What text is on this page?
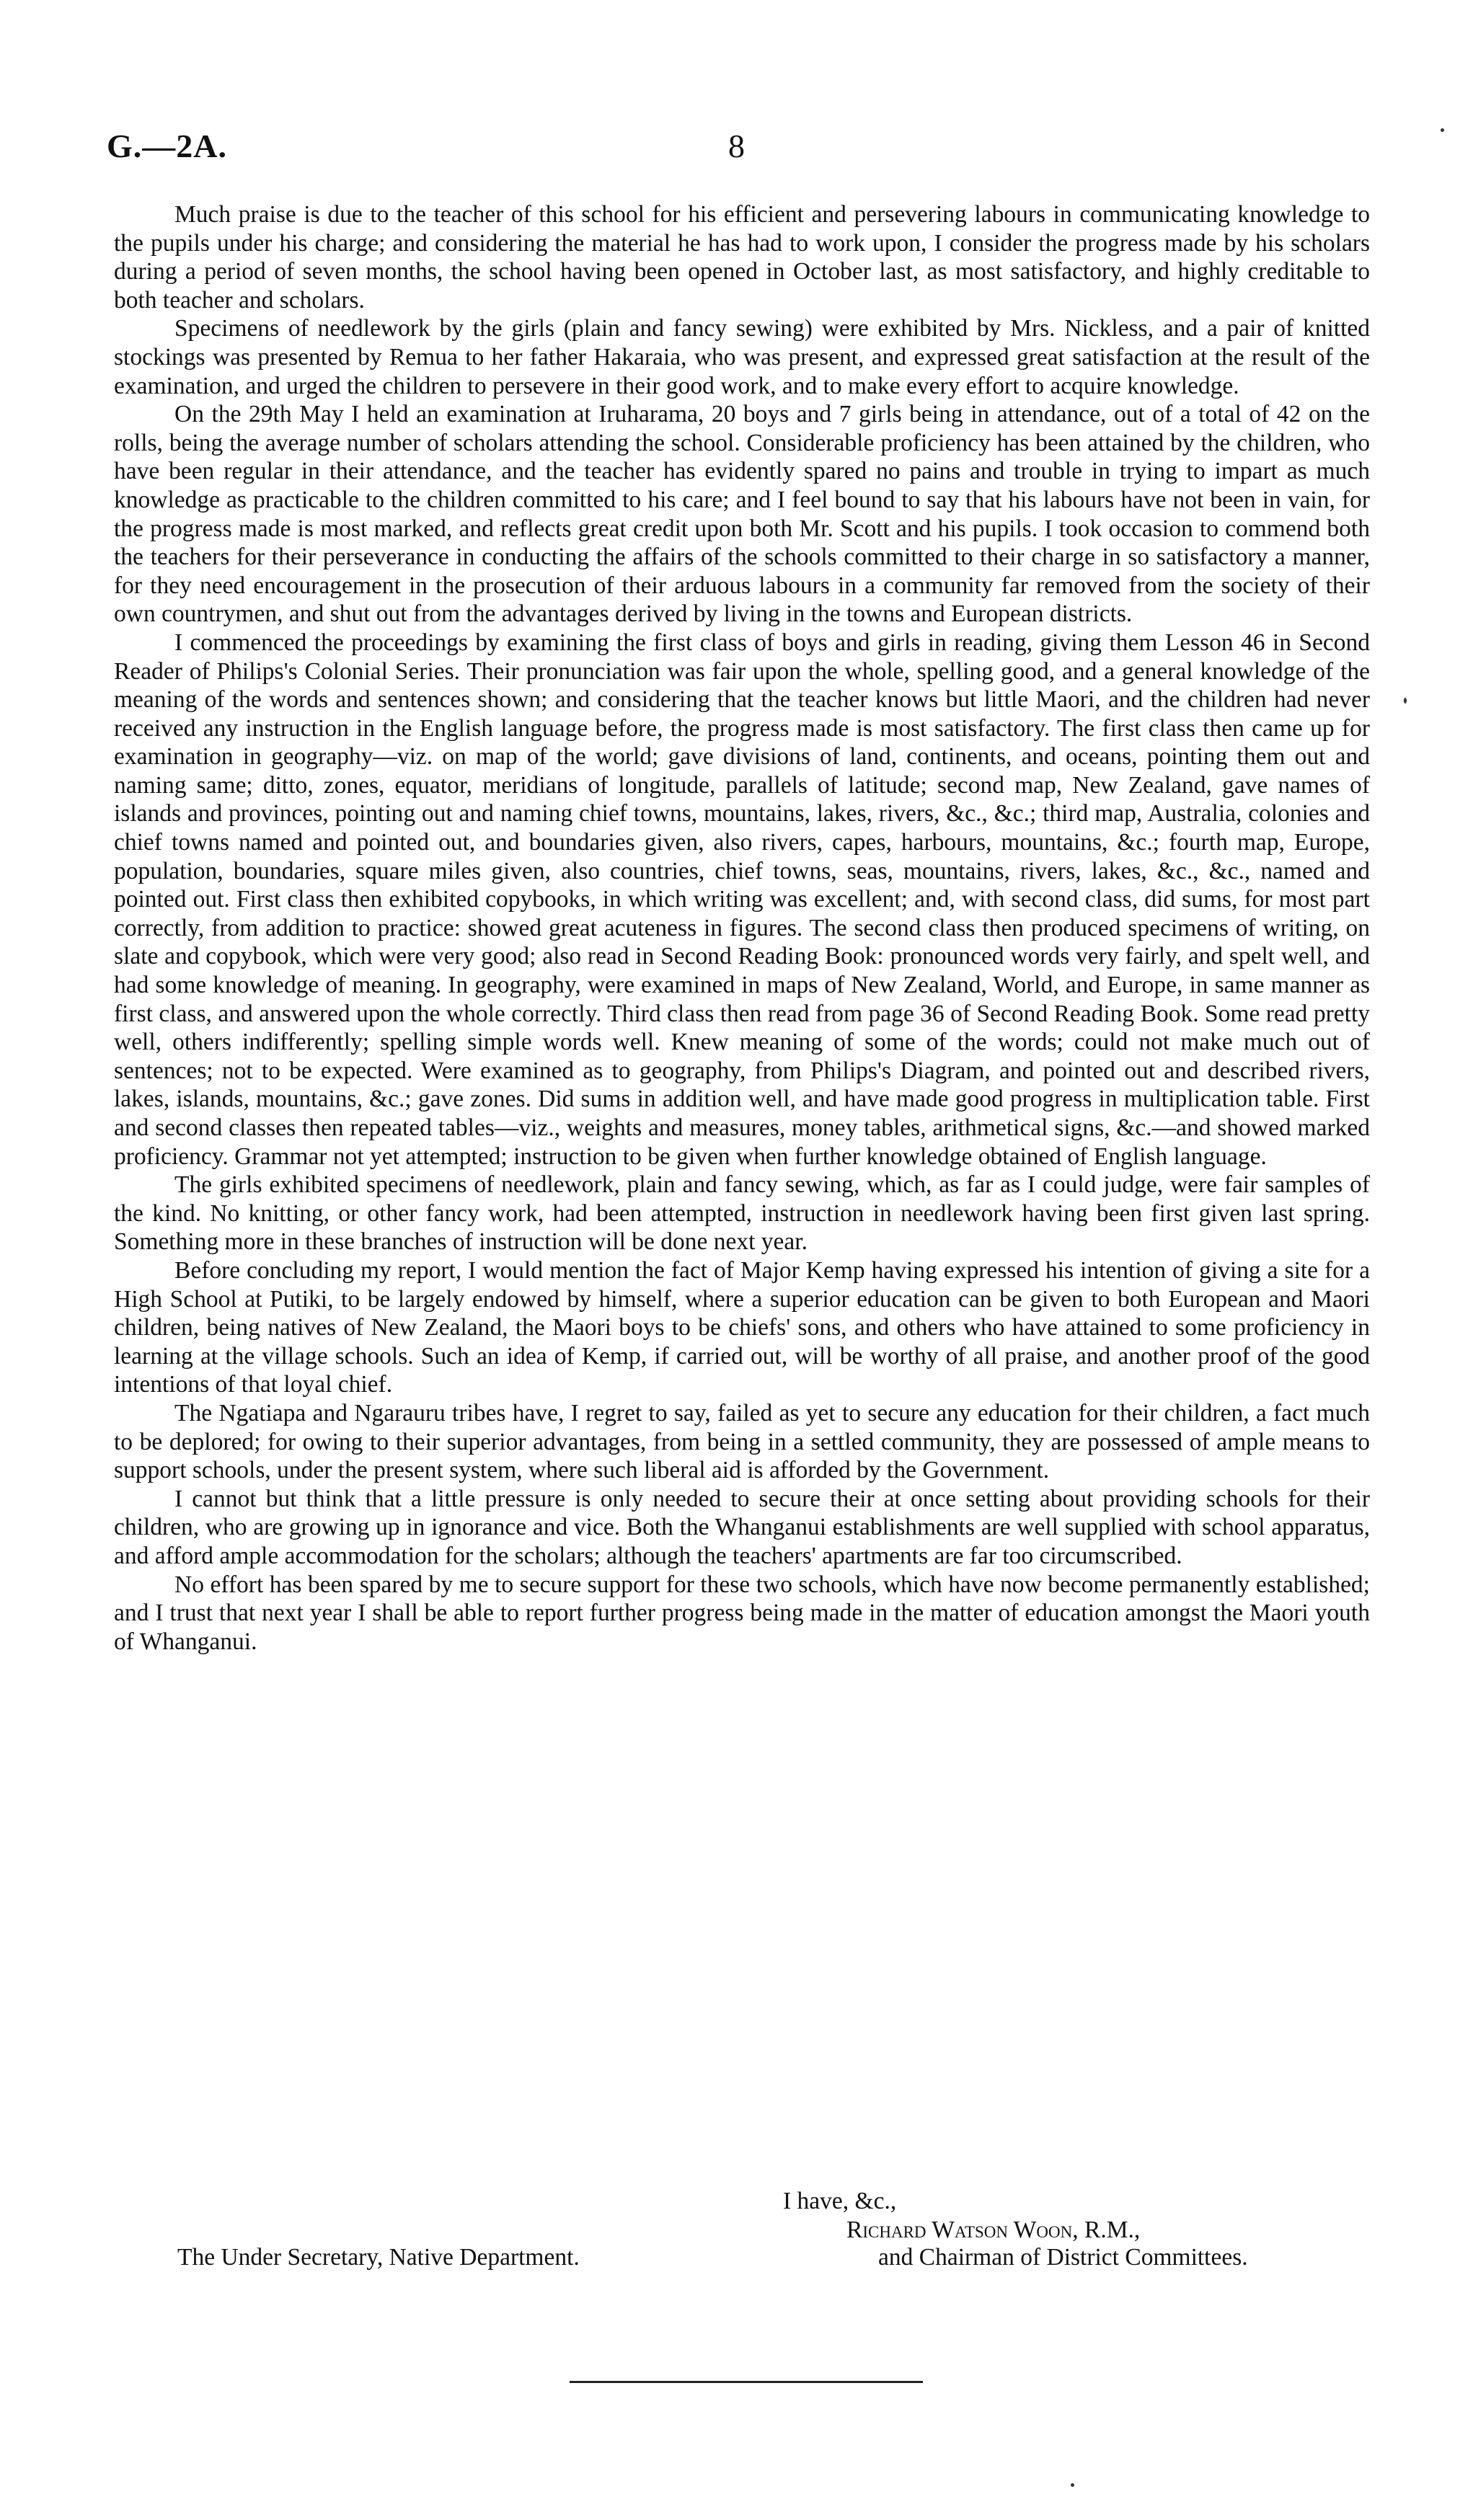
G.—2A.	8

Much praise is due to the teacher of this school for his efficient and persevering labours in communicating knowledge to the pupils under his charge; and considering the material he has had to work upon, I consider the progress made by his scholars during a period of seven months, the school having been opened in October last, as most satisfactory, and highly creditable to both teacher and scholars.

Specimens of needlework by the girls (plain and fancy sewing) were exhibited by Mrs. Nickless, and a pair of knitted stockings was presented by Remua to her father Hakaraia, who was present, and expressed great satisfaction at the result of the examination, and urged the children to persevere in their good work, and to make every effort to acquire knowledge.

On the 29th May I held an examination at Iruharama, 20 boys and 7 girls being in attendance, out of a total of 42 on the rolls, being the average number of scholars attending the school. Considerable proficiency has been attained by the children, who have been regular in their attendance, and the teacher has evidently spared no pains and trouble in trying to impart as much knowledge as practicable to the children committed to his care; and I feel bound to say that his labours have not been in vain, for the progress made is most marked, and reflects great credit upon both Mr. Scott and his pupils. I took occasion to commend both the teachers for their perseverance in conducting the affairs of the schools committed to their charge in so satisfactory a manner, for they need encouragement in the prosecution of their arduous labours in a community far removed from the society of their own countrymen, and shut out from the advantages derived by living in the towns and European districts.

I commenced the proceedings by examining the first class of boys and girls in reading, giving them Lesson 46 in Second Reader of Philips's Colonial Series. Their pronunciation was fair upon the whole, spelling good, and a general knowledge of the meaning of the words and sentences shown; and considering that the teacher knows but little Maori, and the children had never received any instruction in the English language before, the progress made is most satisfactory. The first class then came up for examination in geography—viz. on map of the world; gave divisions of land, continents, and oceans, pointing them out and naming same; ditto, zones, equator, meridians of longitude, parallels of latitude; second map, New Zealand, gave names of islands and provinces, pointing out and naming chief towns, mountains, lakes, rivers, &c., &c.; third map, Australia, colonies and chief towns named and pointed out, and boundaries given, also rivers, capes, harbours, mountains, &c.; fourth map, Europe, population, boundaries, square miles given, also countries, chief towns, seas, mountains, rivers, lakes, &c., &c., named and pointed out. First class then exhibited copybooks, in which writing was excellent; and, with second class, did sums, for most part correctly, from addition to practice: showed great acuteness in figures. The second class then produced specimens of writing, on slate and copybook, which were very good; also read in Second Reading Book: pronounced words very fairly, and spelt well, and had some knowledge of meaning. In geography, were examined in maps of New Zealand, World, and Europe, in same manner as first class, and answered upon the whole correctly. Third class then read from page 36 of Second Reading Book. Some read pretty well, others indifferently; spelling simple words well. Knew meaning of some of the words; could not make much out of sentences; not to be expected. Were examined as to geography, from Philips's Diagram, and pointed out and described rivers, lakes, islands, mountains, &c.; gave zones. Did sums in addition well, and have made good progress in multiplication table. First and second classes then repeated tables—viz., weights and measures, money tables, arithmetical signs, &c.—and showed marked proficiency. Grammar not yet attempted; instruction to be given when further knowledge obtained of English language.

The girls exhibited specimens of needlework, plain and fancy sewing, which, as far as I could judge, were fair samples of the kind. No knitting, or other fancy work, had been attempted, instruction in needlework having been first given last spring. Something more in these branches of instruction will be done next year.

Before concluding my report, I would mention the fact of Major Kemp having expressed his intention of giving a site for a High School at Putiki, to be largely endowed by himself, where a superior education can be given to both European and Maori children, being natives of New Zealand, the Maori boys to be chiefs' sons, and others who have attained to some proficiency in learning at the village schools. Such an idea of Kemp, if carried out, will be worthy of all praise, and another proof of the good intentions of that loyal chief.

The Ngatiapa and Ngarauru tribes have, I regret to say, failed as yet to secure any education for their children, a fact much to be deplored; for owing to their superior advantages, from being in a settled community, they are possessed of ample means to support schools, under the present system, where such liberal aid is afforded by the Government.

I cannot but think that a little pressure is only needed to secure their at once setting about providing schools for their children, who are growing up in ignorance and vice. Both the Whanganui establishments are well supplied with school apparatus, and afford ample accommodation for the scholars; although the teachers' apartments are far too circumscribed.

No effort has been spared by me to secure support for these two schools, which have now become permanently established; and I trust that next year I shall be able to report further progress being made in the matter of education amongst the Maori youth of Whanganui.

I have, &c.,
Richard Watson Woon, R.M.,
The Under Secretary, Native Department.	and Chairman of District Committees.
